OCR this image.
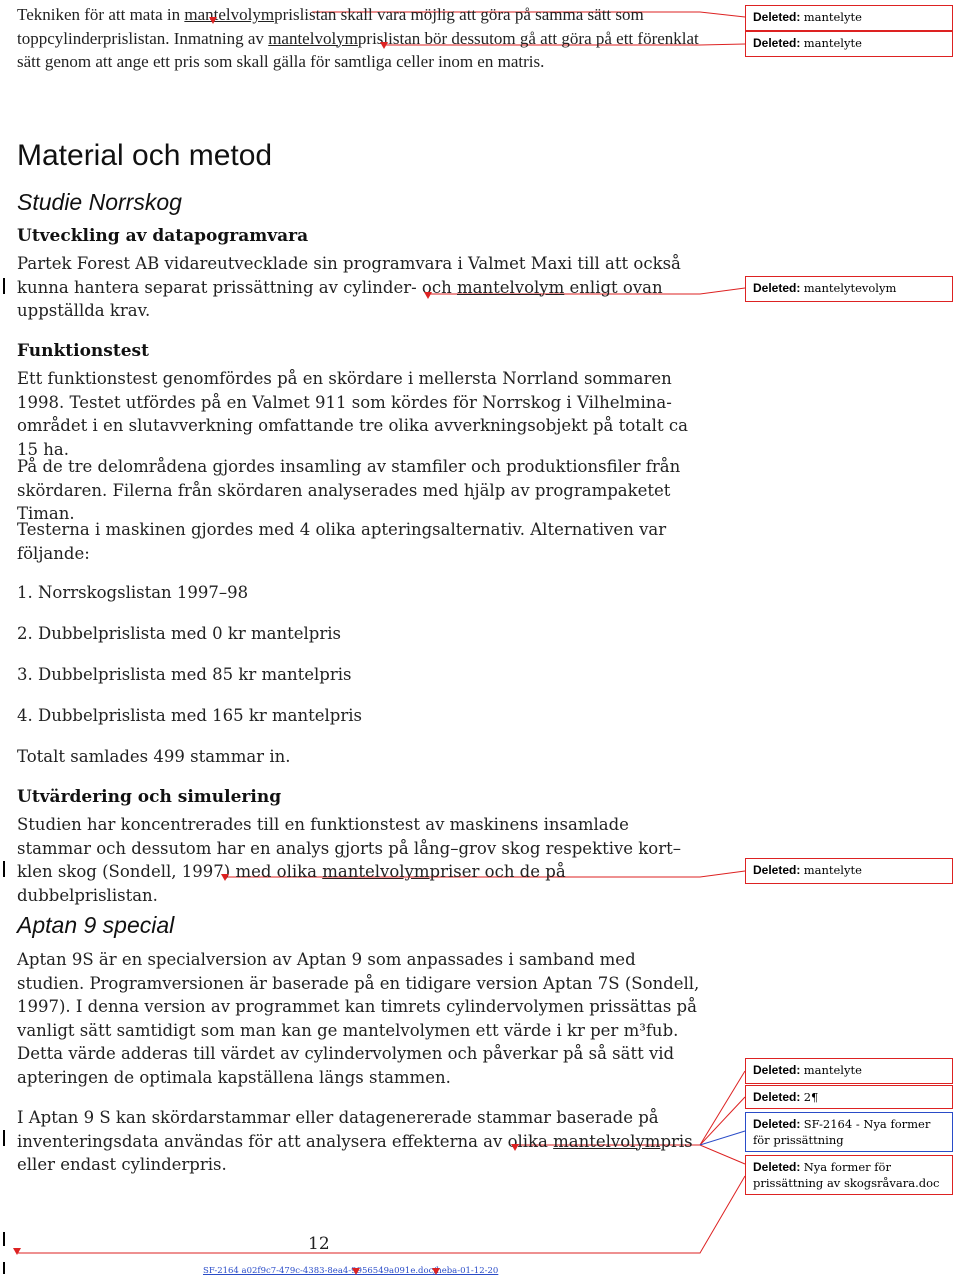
Tekniken för att mata in mantelvolymprislistan skall vara möjlig att göra på samma sätt som toppcylinderprislistan. Inmatning av mantelvolymprislistan bör dessutom gå att göra på ett förenklat sätt genom att ange ett pris som skall gälla för samtliga celler inom en matris.
Material och metod
Studie Norrskog
Utveckling av datapogramvara
Partek Forest AB vidareutvecklade sin programvara i Valmet Maxi till att också kunna hantera separat prissättning av cylinder- och mantelvolym enligt ovan uppställda krav.
Funktionstest
Ett funktionstest genomfördes på en skördare i mellersta Norrland sommaren 1998. Testet utfördes på en Valmet 911 som kördes för Norrskog i Vilhelmina-området i en slutavverkning omfattande tre olika avverkningsobjekt på totalt ca 15 ha.
På de tre delområdena gjordes insamling av stamfiler och produktionsfiler från skördaren. Filerna från skördaren analyserades med hjälp av programpaketet Timan.
Testerna i maskinen gjordes med 4 olika apteringsalternativ. Alternativen var följande:
1. Norrskogslistan 1997–98
2. Dubbelprislista med 0 kr mantelpris
3. Dubbelprislista med 85 kr mantelpris
4. Dubbelprislista med 165 kr mantelpris
Totalt samlades 499 stammar in.
Utvärdering och simulering
Studien har koncentrerades till en funktionstest av maskinens insamlade stammar och dessutom har en analys gjorts på lång–grov skog respektive kort–klen skog (Sondell, 1997) med olika mantelvolympriser och de på dubbelprislistan.
Aptan 9 special
Aptan 9S är en specialversion av Aptan 9 som anpassades i samband med studien. Programversionen är baserade på en tidigare version Aptan 7S (Sondell, 1997). I denna version av programmet kan timrets cylindervolymen prissättas på vanligt sätt samtidigt som man kan ge mantelvolymen ett värde i kr per m³fub. Detta värde adderas till värdet av cylindervolymen och påverkar på så sätt vid apteringen de optimala kapställena längs stammen.
I Aptan 9 S kan skördarstammar eller datagenererade stammar baserade på inventeringsdata användas för att analysera effekterna av olika mantelvolympris eller endast cylinderpris.
Deleted: mantelyte
Deleted: mantelyte
Deleted: mantelytevolym
Deleted: mantelyte
Deleted: mantelyte
Deleted: 2¶
Deleted: SF-2164 - Nya former för prissättning
Deleted: Nya former för prissättning av skogsråvara.doc
12
SF-2164 a02f9c7-479c-4383-8ea4-9956549a091e.doc/heba-01-12-20
